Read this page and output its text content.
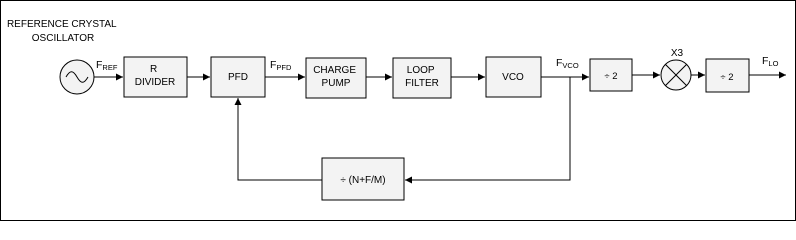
REFERENCE CRYSTAL OSCILLATOR
FREF	R DIVIDER	PFD
FPFD CHARGE PUMP
LOOP FILTER
VCO
FVCO
÷ 2
X3
÷ 2
FLO
÷ (N+F/M)
